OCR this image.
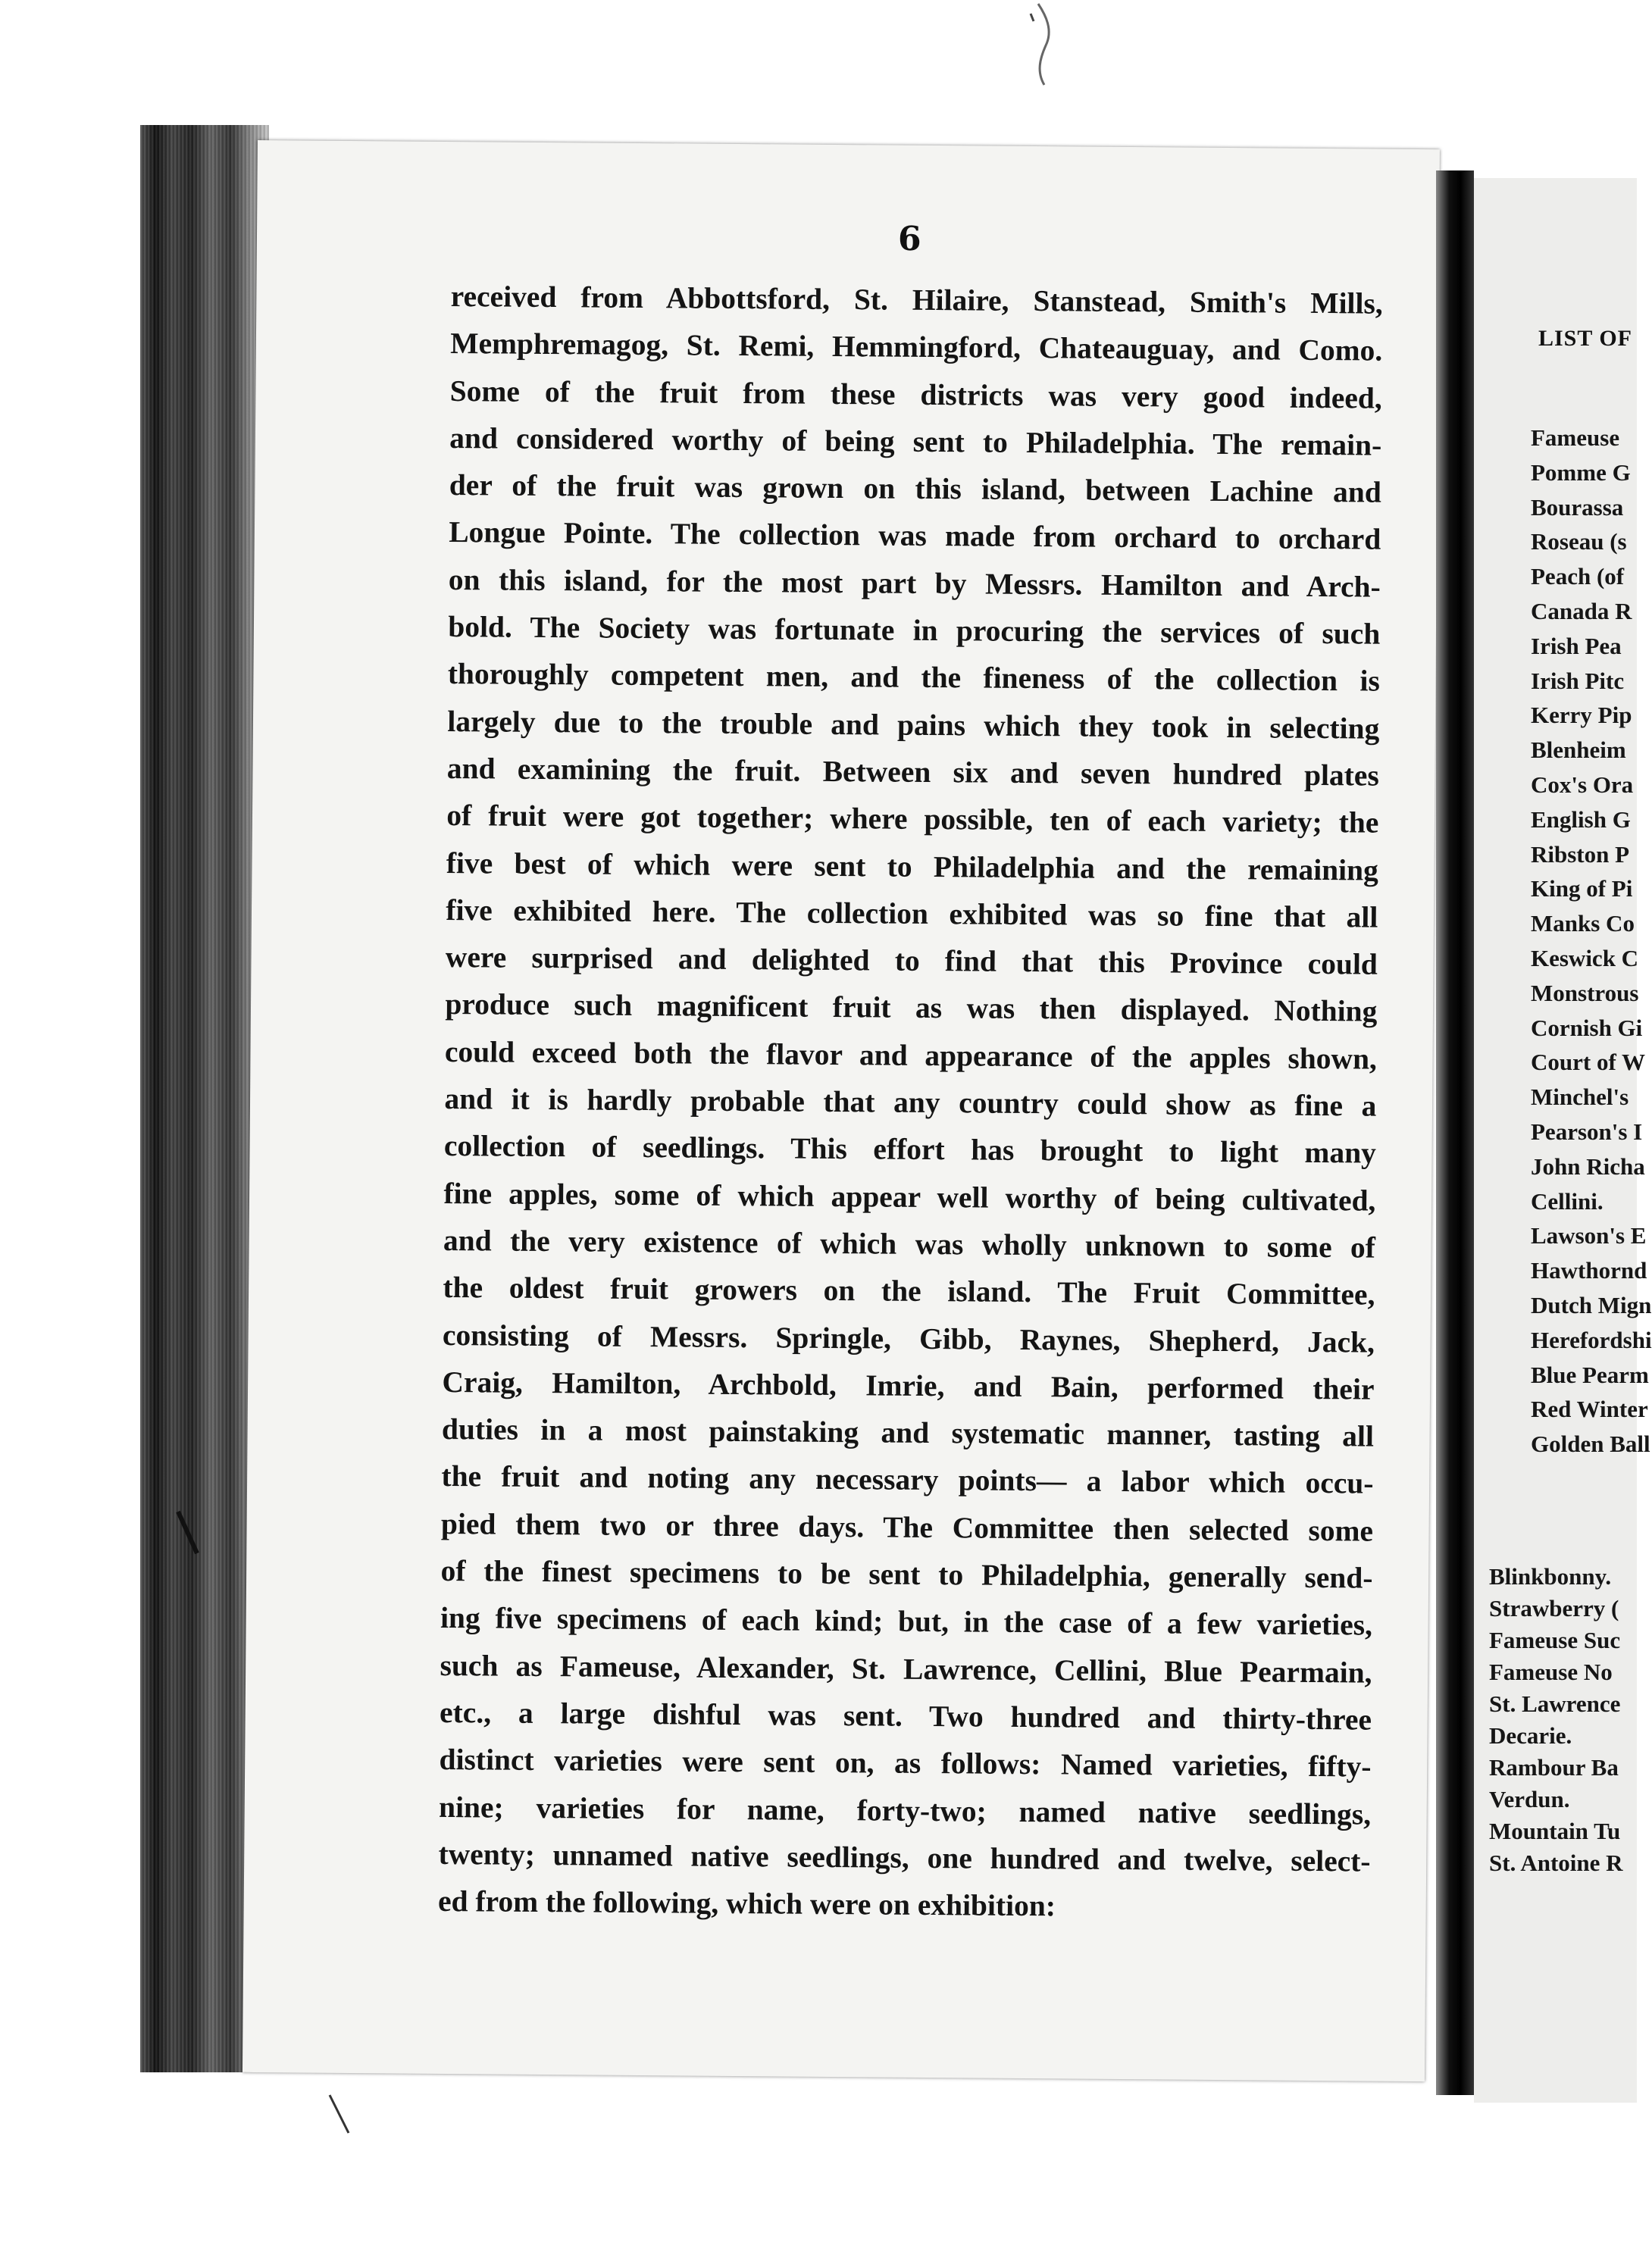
6
received from Abbottsford, St. Hilaire, Stanstead, Smith's Mills,
Memphremagog, St. Remi, Hemmingford, Chateauguay, and Como.
Some of the fruit from these districts was very good indeed,
and considered worthy of being sent to Philadelphia. The remain-
der of the fruit was grown on this island, between Lachine and
Longue Pointe. The collection was made from orchard to orchard
on this island, for the most part by Messrs. Hamilton and Arch-
bold. The Society was fortunate in procuring the services of such
thoroughly competent men, and the fineness of the collection is
largely due to the trouble and pains which they took in selecting
and examining the fruit. Between six and seven hundred plates
of fruit were got together; where possible, ten of each variety; the
five best of which were sent to Philadelphia and the remaining
five exhibited here. The collection exhibited was so fine that all
were surprised and delighted to find that this Province could
produce such magnificent fruit as was then displayed. Nothing
could exceed both the flavor and appearance of the apples shown,
and it is hardly probable that any country could show as fine a
collection of seedlings. This effort has brought to light many
fine apples, some of which appear well worthy of being cultivated,
and the very existence of which was wholly unknown to some of
the oldest fruit growers on the island. The Fruit Committee,
consisting of Messrs. Springle, Gibb, Raynes, Shepherd, Jack,
Craig, Hamilton, Archbold, Imrie, and Bain, performed their
duties in a most painstaking and systematic manner, tasting all
the fruit and noting any necessary points— a labor which occu-
pied them two or three days. The Committee then selected some
of the finest specimens to be sent to Philadelphia, generally send-
ing five specimens of each kind; but, in the case of a few varieties,
such as Fameuse, Alexander, St. Lawrence, Cellini, Blue Pearmain,
etc., a large dishful was sent. Two hundred and thirty-three
distinct varieties were sent on, as follows: Named varieties, fifty-
nine; varieties for name, forty-two; named native seedlings,
twenty; unnamed native seedlings, one hundred and twelve, select-
ed from the following, which were on exhibition:
LIST OF
Fameuse
Pomme G
Bourassa
Roseau (s
Peach (of
Canada R
Irish Pea
Irish Pitc
Kerry Pip
Blenheim
Cox's Ora
English G
Ribston P
King of Pi
Manks Co
Keswick C
Monstrous
Cornish Gi
Court of W
Minchel's
Pearson's I
John Richa
Cellini.
Lawson's E
Hawthornd
Dutch Mign
Herefordshi
Blue Pearm
Red Winter
Golden Ball
Blinkbonny.
Strawberry (
Fameuse Suc
Fameuse No
St. Lawrence
Decarie.
Rambour Ba
Verdun.
Mountain Tu
St. Antoine R
